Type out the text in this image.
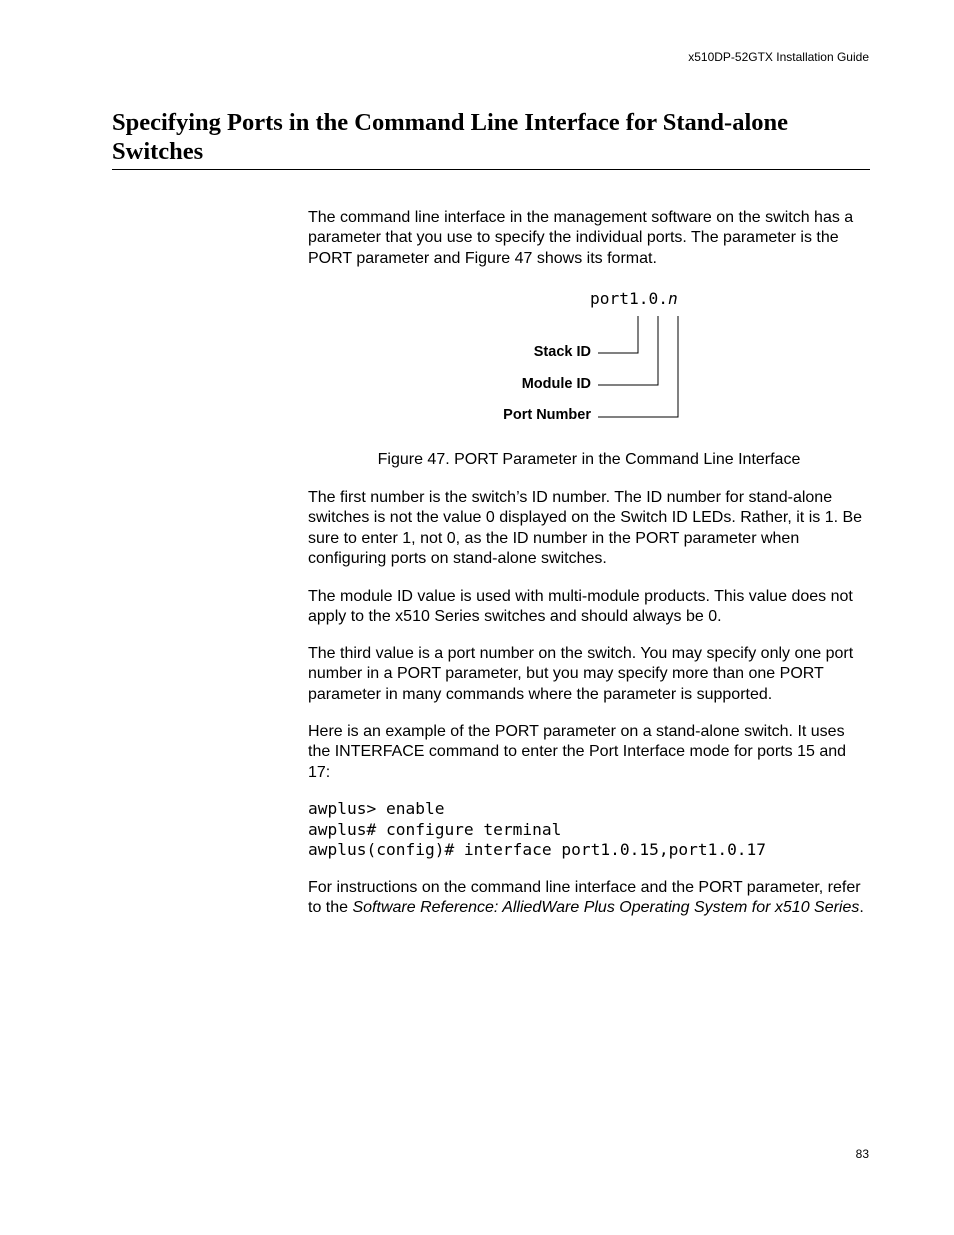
x510DP-52GTX Installation Guide
Specifying Ports in the Command Line Interface for Stand-alone Switches

The command line interface in the management software on the switch has a parameter that you use to specify the individual ports. The parameter is the PORT parameter and Figure 47 shows its format.

port1.0.n
Stack ID
Module ID
Port Number
Figure 47. PORT Parameter in the Command Line Interface

The first number is the switch’s ID number. The ID number for stand-alone switches is not the value 0 displayed on the Switch ID LEDs. Rather, it is 1. Be sure to enter 1, not 0, as the ID number in the PORT parameter when configuring ports on stand-alone switches.

The module ID value is used with multi-module products. This value does not apply to the x510 Series switches and should always be 0.

The third value is a port number on the switch. You may specify only one port number in a PORT parameter, but you may specify more than one PORT parameter in many commands where the parameter is supported.

Here is an example of the PORT parameter on a stand-alone switch. It uses the INTERFACE command to enter the Port Interface mode for ports 15 and 17:

awplus> enable
awplus# configure terminal
awplus(config)# interface port1.0.15,port1.0.17

For instructions on the command line interface and the PORT parameter, refer to the Software Reference: AlliedWare Plus Operating System for x510 Series.

83
